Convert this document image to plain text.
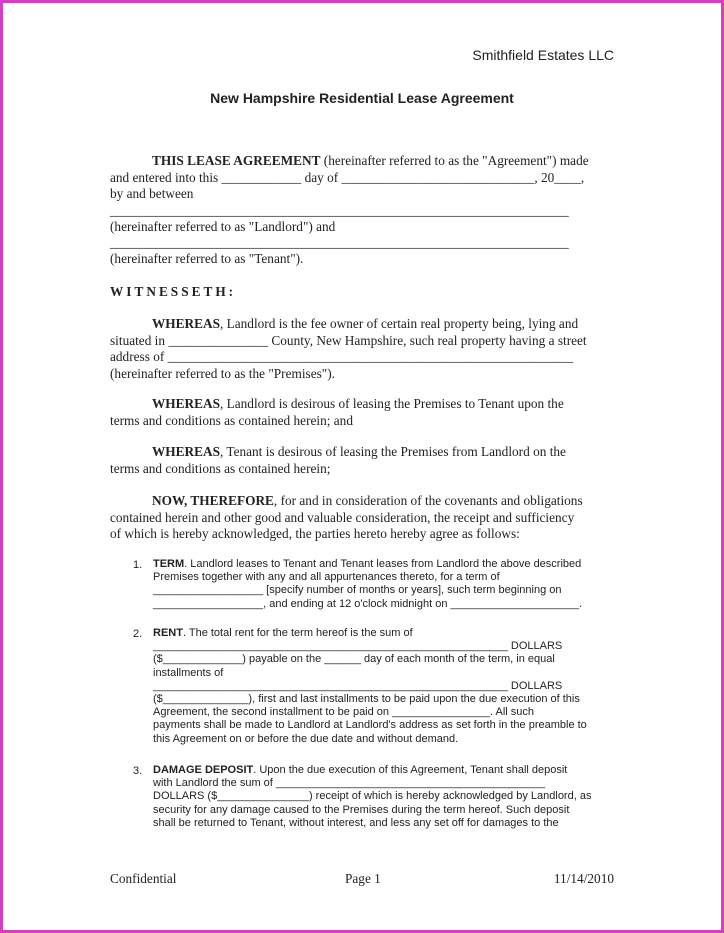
Smithfield Estates LLC
New Hampshire Residential Lease Agreement
THIS LEASE AGREEMENT (hereinafter referred to as the "Agreement") made
and entered into this ____________ day of _____________________________, 20____,
by and between
_____________________________________________________________________
(hereinafter referred to as "Landlord") and
_____________________________________________________________________
(hereinafter referred to as "Tenant").
WITNESSETH:
WHEREAS, Landlord is the fee owner of certain real property being, lying and
situated in _______________ County, New Hampshire, such real property having a street
address of _____________________________________________________________
(hereinafter referred to as the "Premises").
WHEREAS, Landlord is desirous of leasing the Premises to Tenant upon the
terms and conditions as contained herein; and
WHEREAS, Tenant is desirous of leasing the Premises from Landlord on the
terms and conditions as contained herein;
NOW, THEREFORE, for and in consideration of the covenants and obligations
contained herein and other good and valuable consideration, the receipt and sufficiency
of which is hereby acknowledged, the parties hereto hereby agree as follows:
1. TERM. Landlord leases to Tenant and Tenant leases from Landlord the above described
Premises together with any and all appurtenances thereto, for a term of
__________________ [specify number of months or years], such term beginning on
__________________, and ending at 12 o'clock midnight on _____________________.
2. RENT. The total rent for the term hereof is the sum of
__________________________________________________________ DOLLARS
($_____________) payable on the ______ day of each month of the term, in equal
installments of
__________________________________________________________ DOLLARS
($______________), first and last installments to be paid upon the due execution of this
Agreement, the second installment to be paid on ________________. All such
payments shall be made to Landlord at Landlord's address as set forth in the preamble to
this Agreement on or before the due date and without demand.
3. DAMAGE DEPOSIT. Upon the due execution of this Agreement, Tenant shall deposit
with Landlord the sum of ____________________________________________
DOLLARS ($_______________) receipt of which is hereby acknowledged by Landlord, as
security for any damage caused to the Premises during the term hereof. Such deposit
shall be returned to Tenant, without interest, and less any set off for damages to the
Confidential	Page 1	11/14/2010
